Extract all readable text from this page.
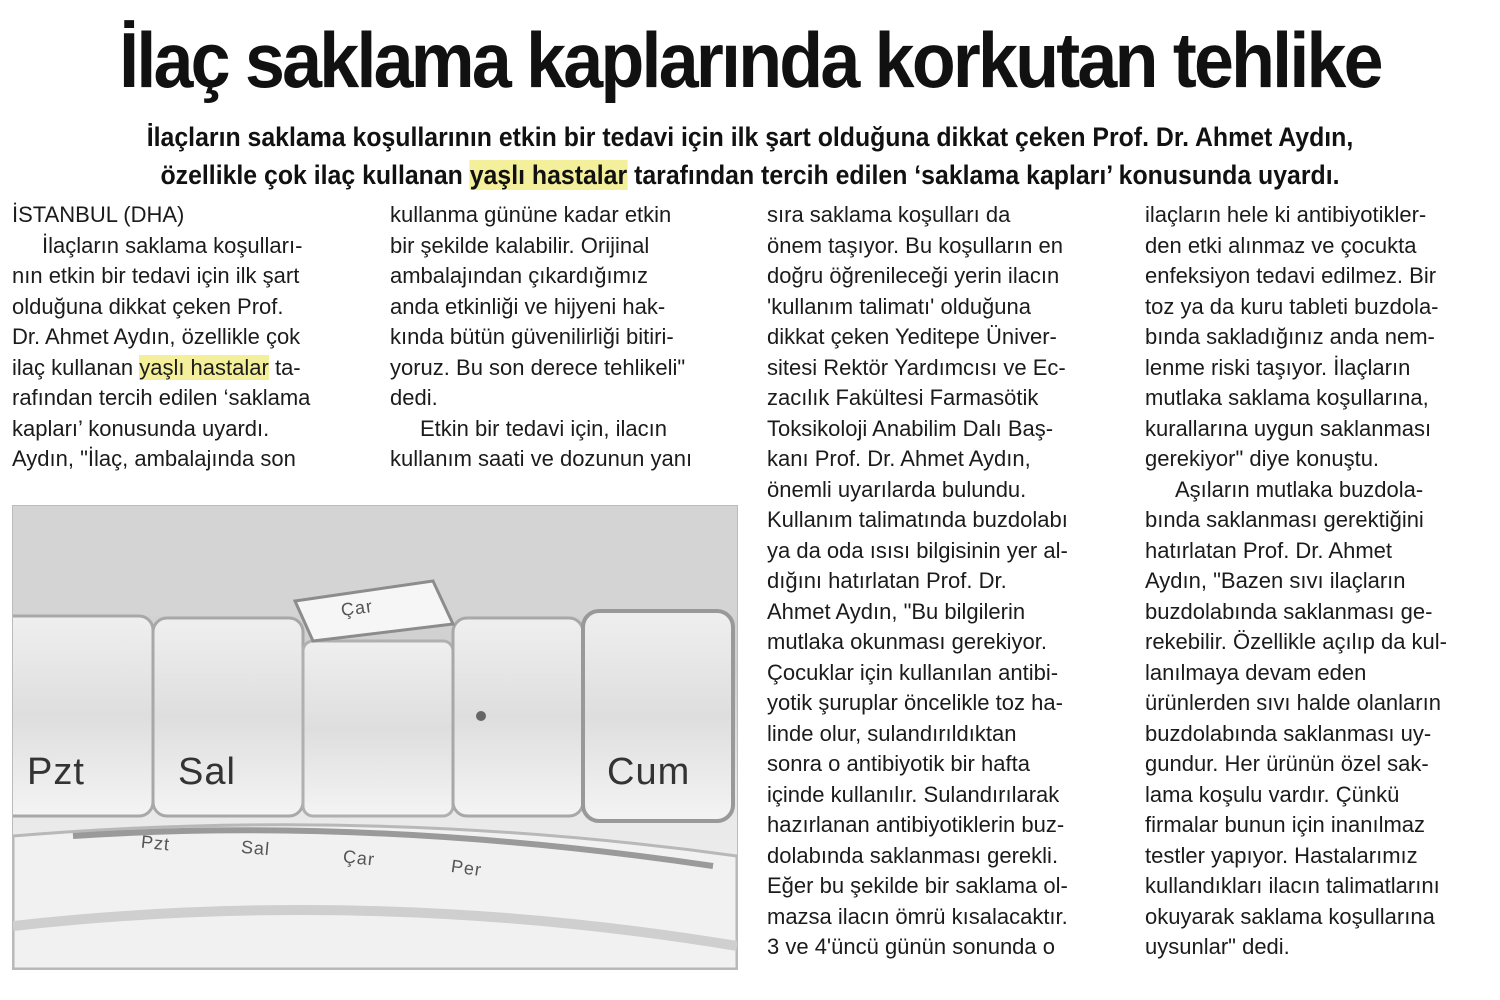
İlaç saklama kaplarında korkutan tehlike
İlaçların saklama koşullarının etkin bir tedavi için ilk şart olduğuna dikkat çeken Prof. Dr. Ahmet Aydın,
özellikle çok ilaç kullanan yaşlı hastalar tarafından tercih edilen ‘saklama kapları’ konusunda uyardı.
İSTANBUL (DHA)
İlaçların saklama koşulları-
nın etkin bir tedavi için ilk şart
olduğuna dikkat çeken Prof.
Dr. Ahmet Aydın, özellikle çok
ilaç kullanan yaşlı hastalar ta-
rafından tercih edilen ‘saklama
kapları’ konusunda uyardı.
Aydın, "İlaç, ambalajında son
kullanma gününe kadar etkin
bir şekilde kalabilir. Orijinal
ambalajından çıkardığımız
anda etkinliği ve hijyeni hak-
kında bütün güvenilirliği bitiri-
yoruz. Bu son derece tehlikeli"
dedi.
Etkin bir tedavi için, ilacın
kullanım saati ve dozunun yanı
sıra saklama koşulları da
önem taşıyor. Bu koşulların en
doğru öğrenileceği yerin ilacın
'kullanım talimatı' olduğuna
dikkat çeken Yeditepe Üniver-
sitesi Rektör Yardımcısı ve Ec-
zacılık Fakültesi Farmasötik
Toksikoloji Anabilim Dalı Baş-
kanı Prof. Dr. Ahmet Aydın,
önemli uyarılarda bulundu.
Kullanım talimatında buzdolabı
ya da oda ısısı bilgisinin yer al-
dığını hatırlatan Prof. Dr.
Ahmet Aydın, "Bu bilgilerin
mutlaka okunması gerekiyor.
Çocuklar için kullanılan antibi-
yotik şuruplar öncelikle toz ha-
linde olur, sulandırıldıktan
sonra o antibiyotik bir hafta
içinde kullanılır. Sulandırılarak
hazırlanan antibiyotiklerin buz-
dolabında saklanması gerekli.
Eğer bu şekilde bir saklama ol-
mazsa ilacın ömrü kısalacaktır.
3 ve 4'üncü günün sonunda o
ilaçların hele ki antibiyotikler-
den etki alınmaz ve çocukta
enfeksiyon tedavi edilmez. Bir
toz ya da kuru tableti buzdola-
bında sakladığınız anda nem-
lenme riski taşıyor. İlaçların
mutlaka saklama koşullarına,
kurallarına uygun saklanması
gerekiyor" diye konuştu.
Aşıların mutlaka buzdola-
bında saklanması gerektiğini
hatırlatan Prof. Dr. Ahmet
Aydın, "Bazen sıvı ilaçların
buzdolabında saklanması ge-
rekebilir. Özellikle açılıp da kul-
lanılmaya devam eden
ürünlerden sıvı halde olanların
buzdolabında saklanması uy-
gundur. Her ürünün özel sak-
lama koşulu vardır. Çünkü
firmalar bunun için inanılmaz
testler yapıyor. Hastalarımız
kullandıkları ilacın talimatlarını
okuyarak saklama koşullarına
uysunlar" dedi.
Pzt Sal	Cum
Çar
Pzt	Sal	Çar	Per
